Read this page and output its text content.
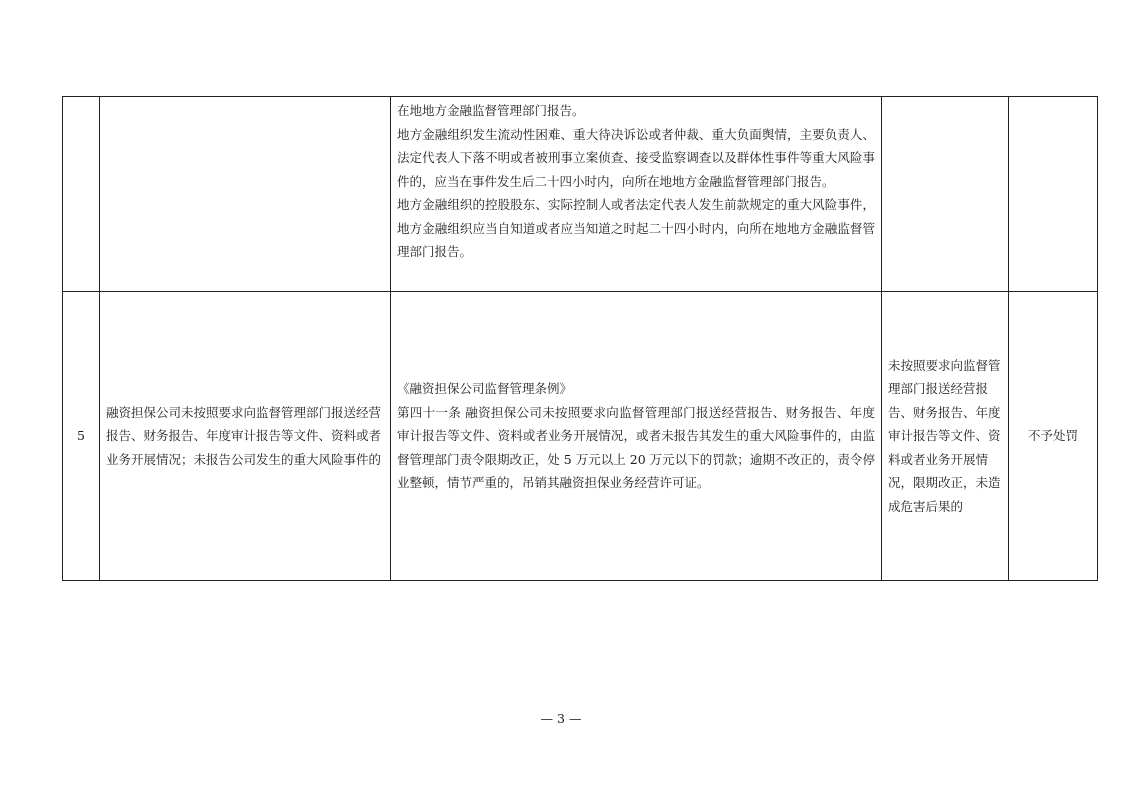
		在地地方金融监督管理部门报告。
地方金融组织发生流动性困难、重大待决诉讼或者仲裁、重大负面舆情，主要负责人、法定代表人下落不明或者被刑事立案侦查、接受监察调查以及群体性事件等重大风险事件的，应当在事件发生后二十四小时内，向所在地地方金融监督管理部门报告。
地方金融组织的控股股东、实际控制人或者法定代表人发生前款规定的重大风险事件，地方金融组织应当自知道或者应当知道之时起二十四小时内，向所在地地方金融监督管理部门报告。		

5	融资担保公司未按照要求向监督管理部门报送经营报告、财务报告、年度审计报告等文件、资料或者业务开展情况；未报告公司发生的重大风险事件的	《融资担保公司监督管理条例》
第四十一条 融资担保公司未按照要求向监督管理部门报送经营报告、财务报告、年度审计报告等文件、资料或者业务开展情况，或者未报告其发生的重大风险事件的，由监督管理部门责令限期改正，处 5 万元以上 20 万元以下的罚款；逾期不改正的，责令停业整顿，情节严重的，吊销其融资担保业务经营许可证。	未按照要求向监督管理部门报送经营报告、财务报告、年度审计报告等文件、资料或者业务开展情况，限期改正，未造成危害后果的	不予处罚
— 3 —
